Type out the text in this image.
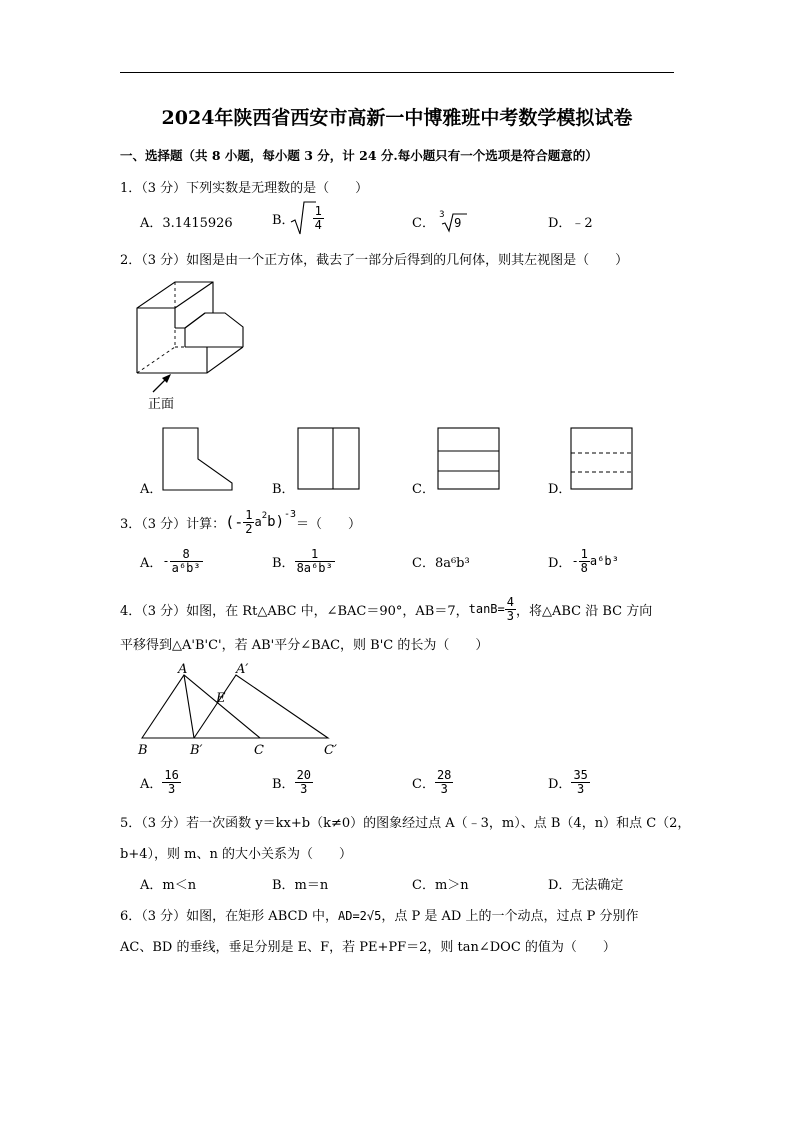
2024年陕西省西安市高新一中博雅班中考数学模拟试卷
一、选择题（共 8 小题，每小题 3 分，计 24 分.每小题只有一个选项是符合题意的）
1．（3 分）下列实数是无理数的是（　　）
A．3.1415926	B． $\frac{1}{4}$	C．
3
9	D．﹣2
2．（3 分）如图是由一个正方体，截去了一部分后得到的几何体，则其左视图是（　　）
正面
A．	B．	C．	D．
3．（3 分）计算： (- $\frac{1}{2} a^2$ b)$^{-3}$
＝（　　）
A． - $\frac{8}{\text{a⁶b³}}$	B． $\frac{1}{\text{8a⁶b³}}$	C．8a⁶b³	D． - $\frac{1}{8} a^6b^3$
4．（3 分）如图，在 Rt△ABC 中，∠BAC＝90°，AB＝7， $\tan B= \frac{4}{3}$ ，将△ABC 沿 BC 方向
平移得到△A'B'C'，若 AB'平分∠BAC，则 B'C 的长为（　　）
A	A′
E
B	B′	C	C′
A． $\frac{16}{3}$	B． $\frac{20}{3}$	C． $\frac{28}{3}$	D． $\frac{35}{3}$
5．（3 分）若一次函数 y＝kx+b（k≠0）的图象经过点 A（﹣3，m）、点 B（4，n）和点 C（2，
b+4），则 m、n 的大小关系为（　　）
A．m＜n	B．m＝n	C．m＞n	D．无法确定
6．（3 分）如图，在矩形 ABCD 中，AD=2√5，点 P 是 AD 上的一个动点，过点 P 分别作
AC、BD 的垂线，垂足分别是 E、F，若 PE+PF＝2，则 tan∠DOC 的值为（　　）
